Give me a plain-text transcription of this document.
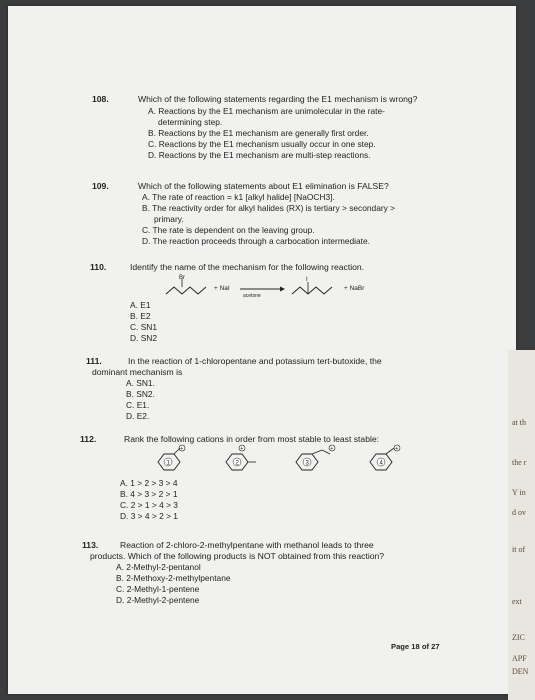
108.	Which of the following statements regarding the E1 mechanism is wrong?
A. Reactions by the E1 mechanism are unimolecular in the rate-
determining step.
B. Reactions by the E1 mechanism are generally first order.
C. Reactions by the E1 mechanism usually occur in one step.
D. Reactions by the E1 mechanism are multi-step reactions.
109.	Which of the following statements about E1 elimination is FALSE?
A. The rate of reaction = k1 [alkyl halide] [NaOCH3].
B. The reactivity order for alkyl halides (RX) is tertiary > secondary >
primary.
C. The rate is dependent on the leaving group.
D. The reaction proceeds through a carbocation intermediate.
110.	Identify the name of the mechanism for the following reaction.
Br
+ NaI
acetone
I
+ NaBr
A. E1
B. E2
C. SN1
D. SN2
111.	In the reaction of 1-chloropentane and potassium tert-butoxide, the
dominant mechanism is
A. SN1.
B. SN2.
C. E1.
D. E2.
112.	Rank the following cations in order from most stable to least stable:
+
1
+
2
+
3
+
4
A. 1 > 2 > 3 > 4
B. 4 > 3 > 2 > 1
C. 2 > 1 > 4 > 3
D. 3 > 4 > 2 > 1
113.	Reaction of 2-chloro-2-methylpentane with methanol leads to three
products. Which of the following products is NOT obtained from this reaction?
A. 2-Methyl-2-pentanol
B. 2-Methoxy-2-methylpentane
C. 2-Methyl-1-pentene
D. 2-Methyl-2-pentene
Page 18 of 27
at th
the r
Y in
d ov
it of
ext
ZIC
APF
DEN
